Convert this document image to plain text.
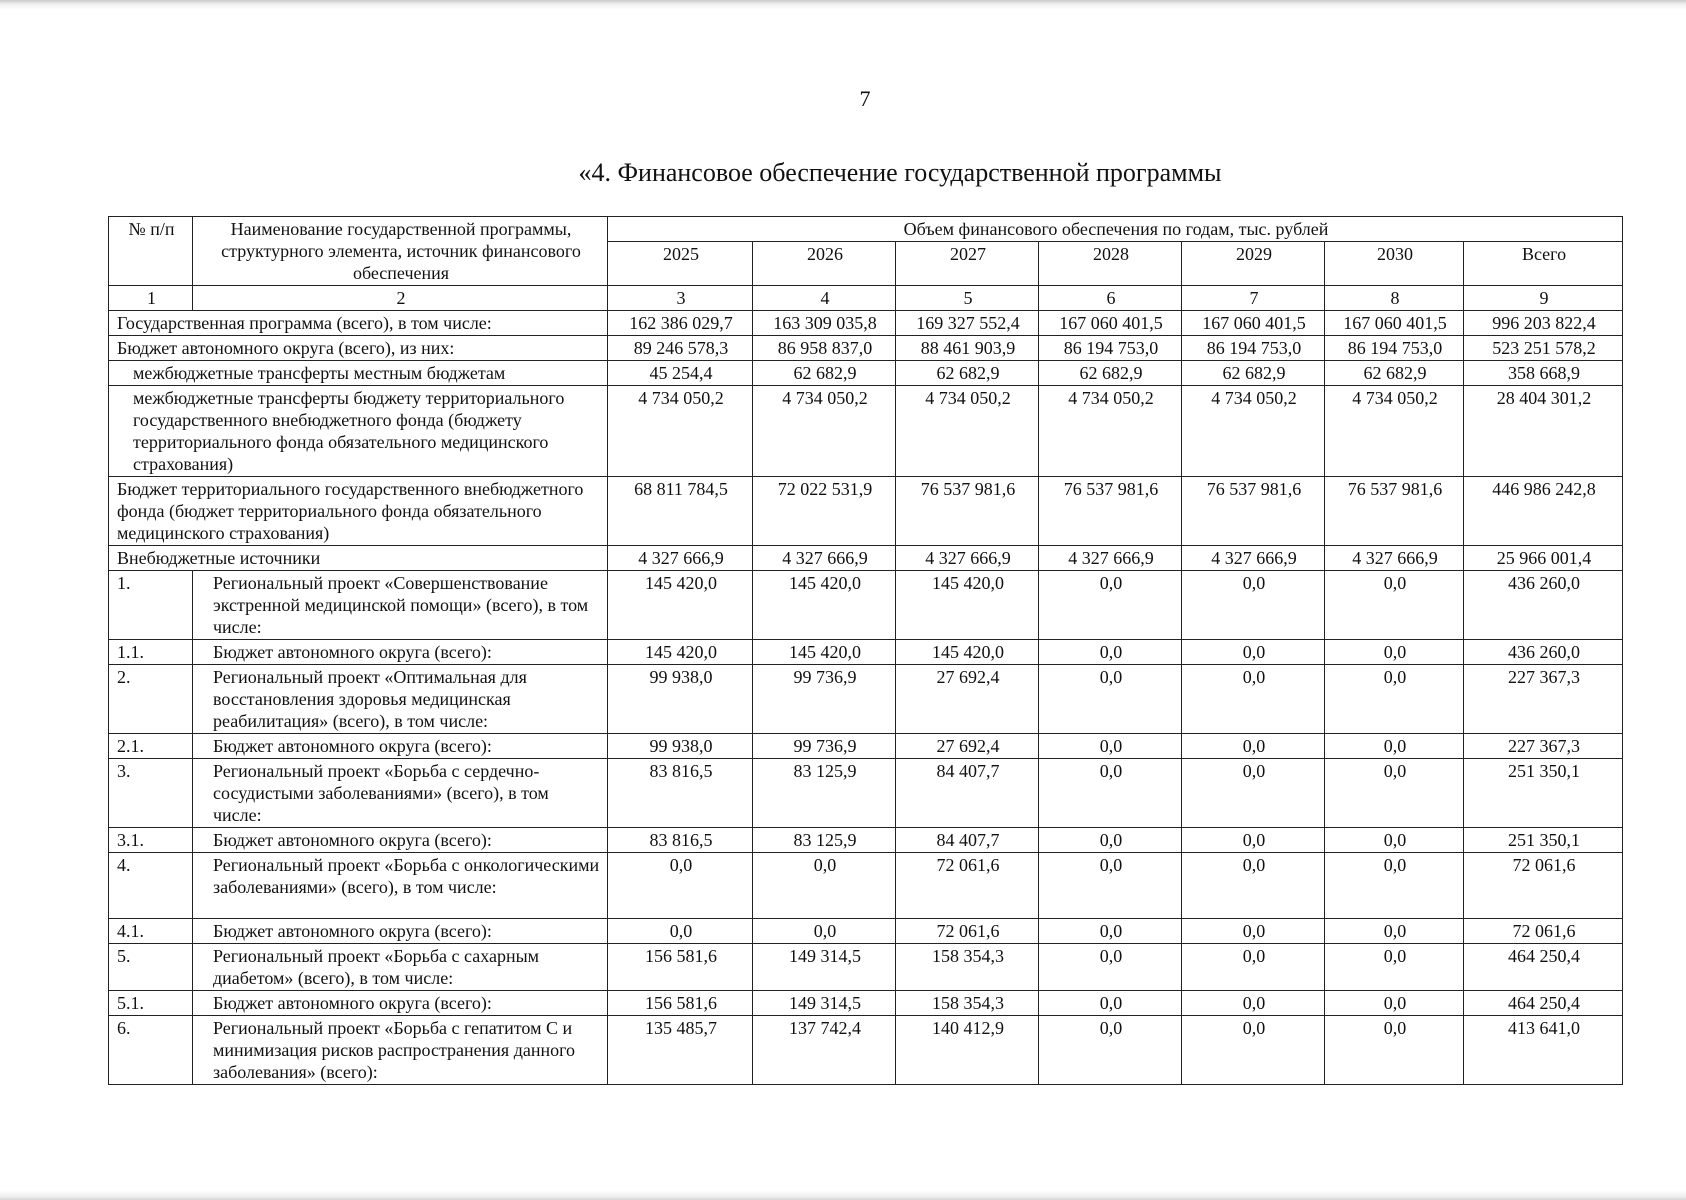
7
«4. Финансовое обеспечение государственной программы
№ п/п	Наименование государственной программы, структурного элемента, источник финансового обеспечения	Объем финансового обеспечения по годам, тыс. рублей						
		2025	2026	2027	2028	2029	2030	Всего
1	2	3	4	5	6	7	8	9
Государственная программа (всего), в том числе:		162 386 029,7	163 309 035,8	169 327 552,4	167 060 401,5	167 060 401,5	167 060 401,5	996 203 822,4
Бюджет автономного округа (всего), из них:		89 246 578,3	86 958 837,0	88 461 903,9	86 194 753,0	86 194 753,0	86 194 753,0	523 251 578,2
межбюджетные трансферты местным бюджетам		45 254,4	62 682,9	62 682,9	62 682,9	62 682,9	62 682,9	358 668,9
межбюджетные трансферты бюджету территориального государственного внебюджетного фонда (бюджету территориального фонда обязательного медицинского страхования)		4 734 050,2	4 734 050,2	4 734 050,2	4 734 050,2	4 734 050,2	4 734 050,2	28 404 301,2
Бюджет территориального государственного внебюджетного фонда (бюджет территориального фонда обязательного медицинского страхования)		68 811 784,5	72 022 531,9	76 537 981,6	76 537 981,6	76 537 981,6	76 537 981,6	446 986 242,8
Внебюджетные источники		4 327 666,9	4 327 666,9	4 327 666,9	4 327 666,9	4 327 666,9	4 327 666,9	25 966 001,4
1.	Региональный проект «Совершенствование экстренной медицинской помощи» (всего), в том числе:	145 420,0	145 420,0	145 420,0	0,0	0,0	0,0	436 260,0
1.1.	Бюджет автономного округа (всего):	145 420,0	145 420,0	145 420,0	0,0	0,0	0,0	436 260,0
2.	Региональный проект «Оптимальная для восстановления здоровья медицинская реабилитация» (всего), в том числе:	99 938,0	99 736,9	27 692,4	0,0	0,0	0,0	227 367,3
2.1.	Бюджет автономного округа (всего):	99 938,0	99 736,9	27 692,4	0,0	0,0	0,0	227 367,3
3.	Региональный проект «Борьба с сердечно-сосудистыми заболеваниями» (всего), в том числе:	83 816,5	83 125,9	84 407,7	0,0	0,0	0,0	251 350,1
3.1.	Бюджет автономного округа (всего):	83 816,5	83 125,9	84 407,7	0,0	0,0	0,0	251 350,1
4.	Региональный проект «Борьба с онкологическими заболеваниями» (всего), в том числе:	0,0	0,0	72 061,6	0,0	0,0	0,0	72 061,6
4.1.	Бюджет автономного округа (всего):	0,0	0,0	72 061,6	0,0	0,0	0,0	72 061,6
5.	Региональный проект «Борьба с сахарным диабетом» (всего), в том числе:	156 581,6	149 314,5	158 354,3	0,0	0,0	0,0	464 250,4
5.1.	Бюджет автономного округа (всего):	156 581,6	149 314,5	158 354,3	0,0	0,0	0,0	464 250,4
6.	Региональный проект «Борьба с гепатитом С и минимизация рисков распространения данного заболевания» (всего):	135 485,7	137 742,4	140 412,9	0,0	0,0	0,0	413 641,0
